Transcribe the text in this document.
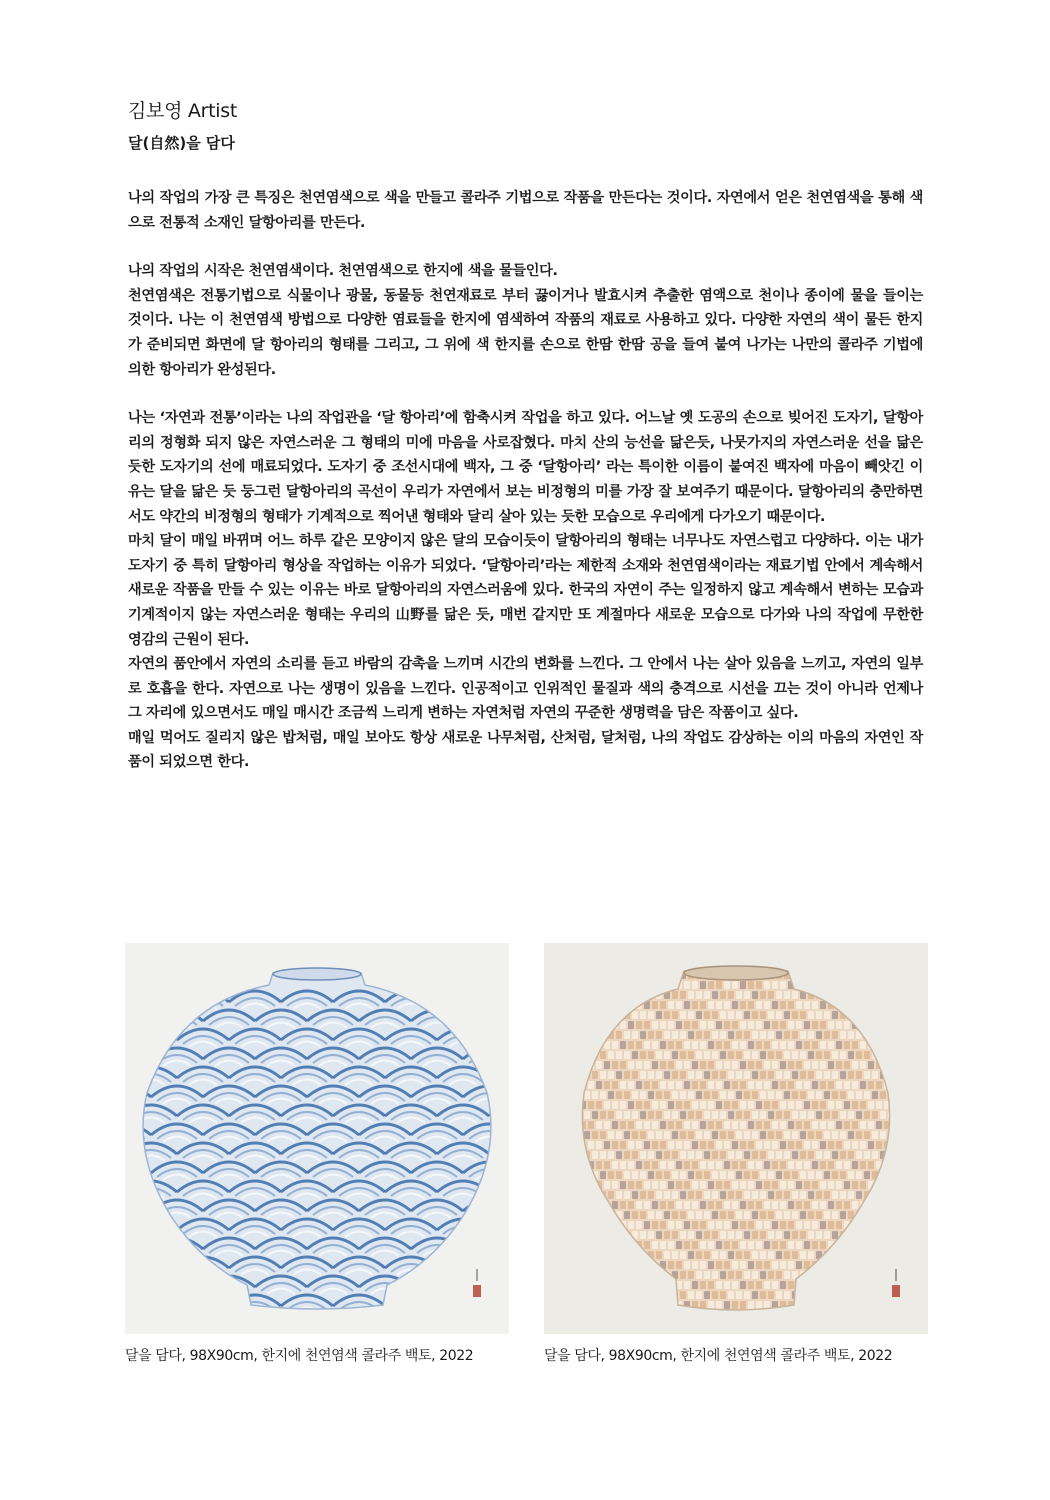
김보영 Artist
달(自然)을 담다

나의 작업의 가장 큰 특징은 천연염색으로 색을 만들고 콜라주 기법으로 작품을 만든다는 것이다. 자연에서 얻은 천연염색을 통해 색으로 전통적 소재인 달항아리를 만든다.

나의 작업의 시작은 천연염색이다. 천연염색으로 한지에 색을 물들인다.

천연염색은 전통기법으로 식물이나 광물, 동물등 천연재료로 부터 끓이거나 발효시켜 추출한 염액으로 천이나 종이에 물을 들이는 것이다. 나는 이 천연염색 방법으로 다양한 염료들을 한지에 염색하여 작품의 재료로 사용하고 있다. 다양한 자연의 색이 물든 한지가 준비되면 화면에 달 항아리의 형태를 그리고, 그 위에 색 한지를 손으로 한땀 한땀 공을 들여 붙여 나가는 나만의 콜라주 기법에 의한 항아리가 완성된다.

나는 ‘자연과 전통’이라는 나의 작업관을 ‘달 항아리’에 함축시켜 작업을 하고 있다. 어느날 옛 도공의 손으로 빚어진 도자기, 달항아리의 정형화 되지 않은 자연스러운 그 형태의 미에 마음을 사로잡혔다. 마치 산의 능선을 닮은듯, 나뭇가지의 자연스러운 선을 닮은 듯한 도자기의 선에 매료되었다. 도자기 중 조선시대에 백자, 그 중 ‘달항아리’ 라는 특이한 이름이 붙여진 백자에 마음이 빼앗긴 이유는 달을 닮은 듯 둥그런 달항아리의 곡선이 우리가 자연에서 보는 비정형의 미를 가장 잘 보여주기 때문이다. 달항아리의 충만하면서도 약간의 비정형의 형태가 기계적으로 찍어낸 형태와 달리 살아 있는 듯한 모습으로 우리에게 다가오기 때문이다.

마치 달이 매일 바뀌며 어느 하루 같은 모양이지 않은 달의 모습이듯이 달항아리의 형태는 너무나도 자연스럽고 다양하다. 이는 내가 도자기 중 특히 달항아리 형상을 작업하는 이유가 되었다. ‘달항아리’라는 제한적 소재와 천연염색이라는 재료기법 안에서 계속해서 새로운 작품을 만들 수 있는 이유는 바로 달항아리의 자연스러움에 있다. 한국의 자연이 주는 일정하지 않고 계속해서 변하는 모습과 기계적이지 않는 자연스러운 형태는 우리의 山野를 닮은 듯, 매번 같지만 또 계절마다 새로운 모습으로 다가와 나의 작업에 무한한 영감의 근원이 된다.

자연의 품안에서 자연의 소리를 듣고 바람의 감촉을 느끼며 시간의 변화를 느낀다. 그 안에서 나는 살아 있음을 느끼고, 자연의 일부로 호흡을 한다. 자연으로 나는 생명이 있음을 느낀다. 인공적이고 인위적인 물질과 색의 충격으로 시선을 끄는 것이 아니라 언제나 그 자리에 있으면서도 매일 매시간 조금씩 느리게 변하는 자연처럼 자연의 꾸준한 생명력을 담은 작품이고 싶다.

매일 먹어도 질리지 않은 밥처럼, 매일 보아도 항상 새로운 나무처럼, 산처럼, 달처럼, 나의 작업도 감상하는 이의 마음의 자연인 작품이 되었으면 한다.

달을 담다, 98X90cm, 한지에 천연염색 콜라주 백토, 2022	달을 담다, 98X90cm, 한지에 천연염색 콜라주 백토, 2022
